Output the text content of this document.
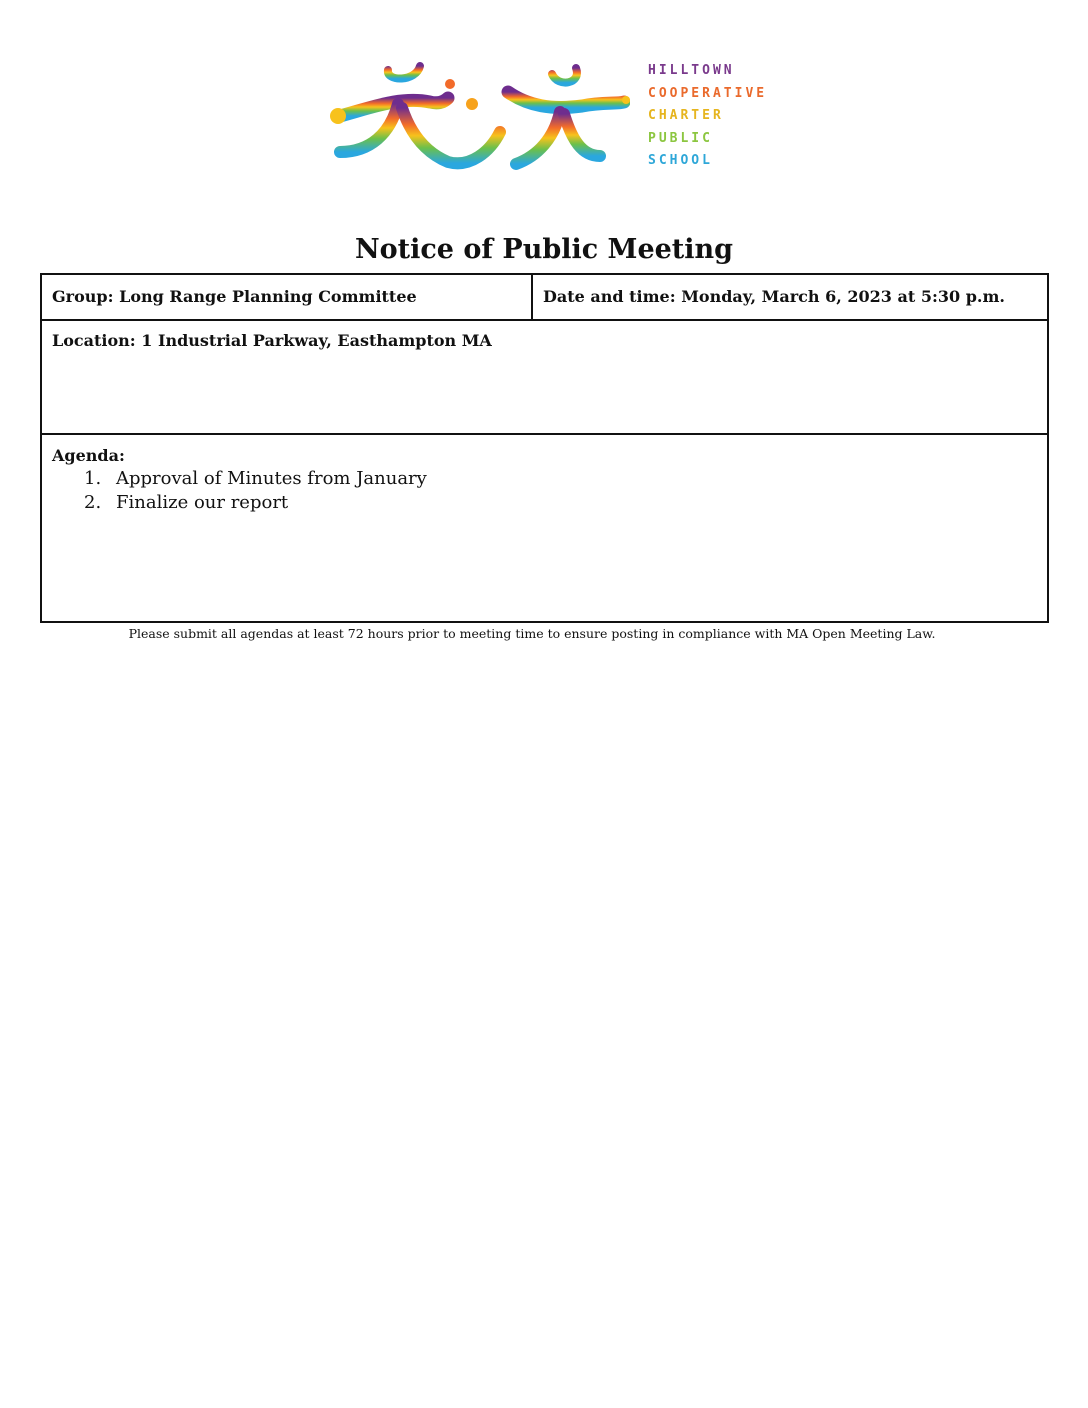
HILLTOWN
COOPERATIVE
CHARTER
PUBLIC
SCHOOL
Notice of Public Meeting
Group: Long Range Planning Committee	Date and time: Monday, March 6, 2023 at 5:30 p.m.
Location: 1 Industrial Parkway, Easthampton MA

Agenda:
1. Approval of Minutes from January
2. Finalize our report
Please submit all agendas at least 72 hours prior to meeting time to ensure posting in compliance with MA Open Meeting Law.
